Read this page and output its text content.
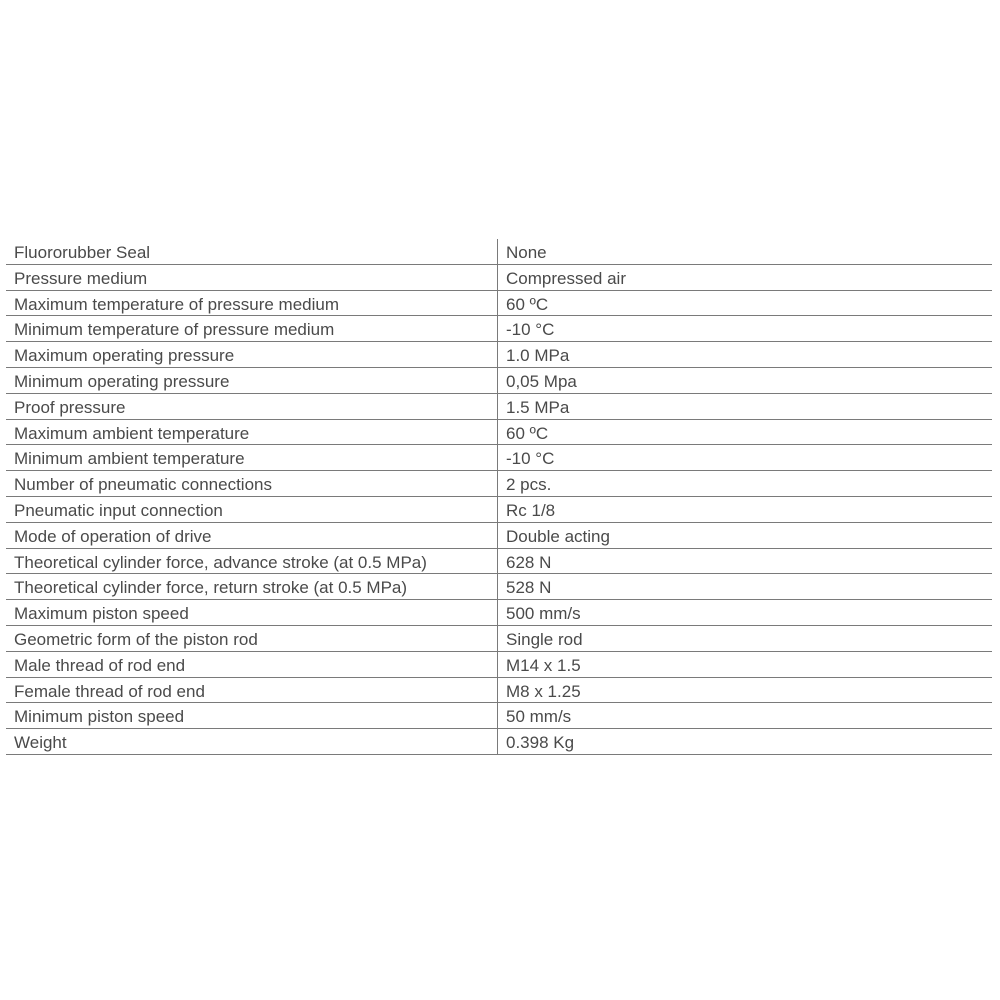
Fluororubber Seal	None
Pressure medium	Compressed air
Maximum temperature of pressure medium	60 ºC
Minimum temperature of pressure medium	-10 °C
Maximum operating pressure	1.0 MPa
Minimum operating pressure	0,05 Mpa
Proof pressure	1.5 MPa
Maximum ambient temperature	60 ºC
Minimum ambient temperature	-10 °C
Number of pneumatic connections	2 pcs.
Pneumatic input connection	Rc 1/8
Mode of operation of drive	Double acting
Theoretical cylinder force, advance stroke (at 0.5 MPa)	628 N
Theoretical cylinder force, return stroke (at 0.5 MPa)	528 N
Maximum piston speed	500 mm/s
Geometric form of the piston rod	Single rod
Male thread of rod end	M14 x 1.5
Female thread of rod end	M8 x 1.25
Minimum piston speed	50 mm/s
Weight	0.398 Kg
